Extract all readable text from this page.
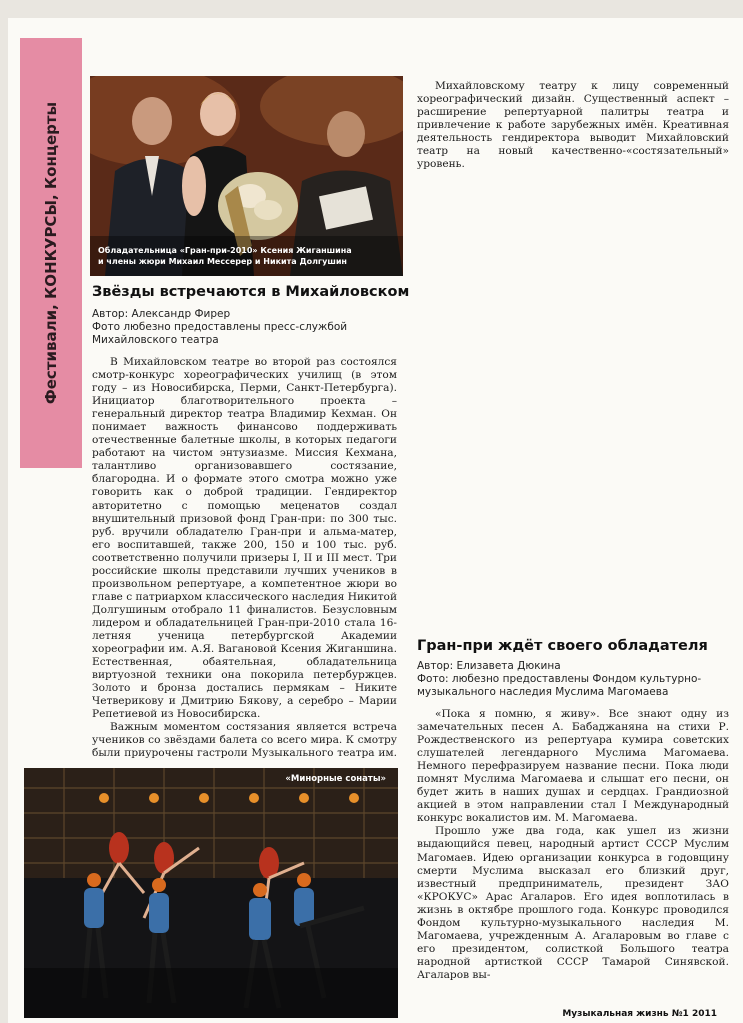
Фестивали, КОНКУРСЫ, Концерты	Обладательница «Гран-при-2010» Ксения Жиганшина
и члены жюри Михаил Мессерер и Никита Долгушин
Звёзды встречаются в Михайловском
Автор: Александр Фирер
Фото любезно предоставлены пресс-службой Михайловского театра

В Михайловском театре во второй раз состоялся смотр-конкурс хореографических училищ (в этом году – из Новосибирска, Перми, Санкт-Петербурга). Инициатор благотворительного проекта – генеральный директор театра Владимир Кехман. Он понимает важность финансово поддерживать отечественные балетные школы, в которых педагоги работают на чистом энтузиазме. Миссия Кехмана, талантливо организовавшего состязание, благородна. И о формате этого смотра можно уже говорить как о доброй традиции. Гендиректор авторитетно с помощью меценатов создал внушительный призовой фонд Гран-при: по 300 тыс. руб. вручили обладателю Гран-при и альма-матер, его воспитавшей, также 200, 150 и 100 тыс. руб. соответственно получили призеры I, II и III мест. Три российские школы представили лучших учеников в произвольном репертуаре, а компетентное жюри во главе с патриархом классического наследия Никитой Долгушиным отобрало 11 финалистов. Безусловным лидером и обладательницей Гран-при-2010 стала 16-летняя ученица петербургской Академии хореографии им. А.Я. Вагановой Ксения Жиганшина. Естественная, обаятельная, обладательница виртуозной техники она покорила петербуржцев. Золото и бронза достались пермякам – Никите Четверикову и Дмитрию Бякову, а серебро – Марии Репетиевой из Новосибирска.

Важным моментом состязания является встреча учеников со звёздами балета со всего мира. К смотру были приурочены гастроли Музыкального театра им.

Михайловскому театру к лицу современный хореографический дизайн. Существенный аспект – расширение репертуарной палитры театра и привлечение к работе зарубежных имён. Креативная деятельность гендиректора выводит Михайловский театр на новый качественно-«состязательный» уровень.

Гран-при ждёт своего обладателя
Автор: Елизавета Дюкина
Фото: любезно предоставлены Фондом культурно-музыкального наследия Муслима Магомаева

«Пока я помню, я живу». Все знают одну из замечательных песен А. Бабаджаняна на стихи Р. Рождественского из репертуара кумира советских слушателей легендарного Муслима Магомаева. Немного перефразируем название песни. Пока люди помнят Муслима Магомаева и слышат его песни, он будет жить в наших душах и сердцах. Грандиозной акцией в этом направлении стал I Международный конкурс вокалистов им. М. Магомаева.

Прошло уже два года, как ушел из жизни выдающийся певец, народный артист СССР Муслим Магомаев. Идею организации конкурса в годовщину смерти Муслима высказал его близкий друг, известный предприниматель, президент ЗАО «КРОКУС» Арас Агаларов. Его идея воплотилась в жизнь в октябре прошлого года. Конкурс проводился Фондом культурно-музыкального наследия М. Магомаева, учрежденным А. Агаларовым во главе с его президентом, солисткой Большого театра народной артисткой СССР Тамарой Синявской. Агаларов вы-

«Минорные сонаты»
Музыкальная жизнь №1 2011
